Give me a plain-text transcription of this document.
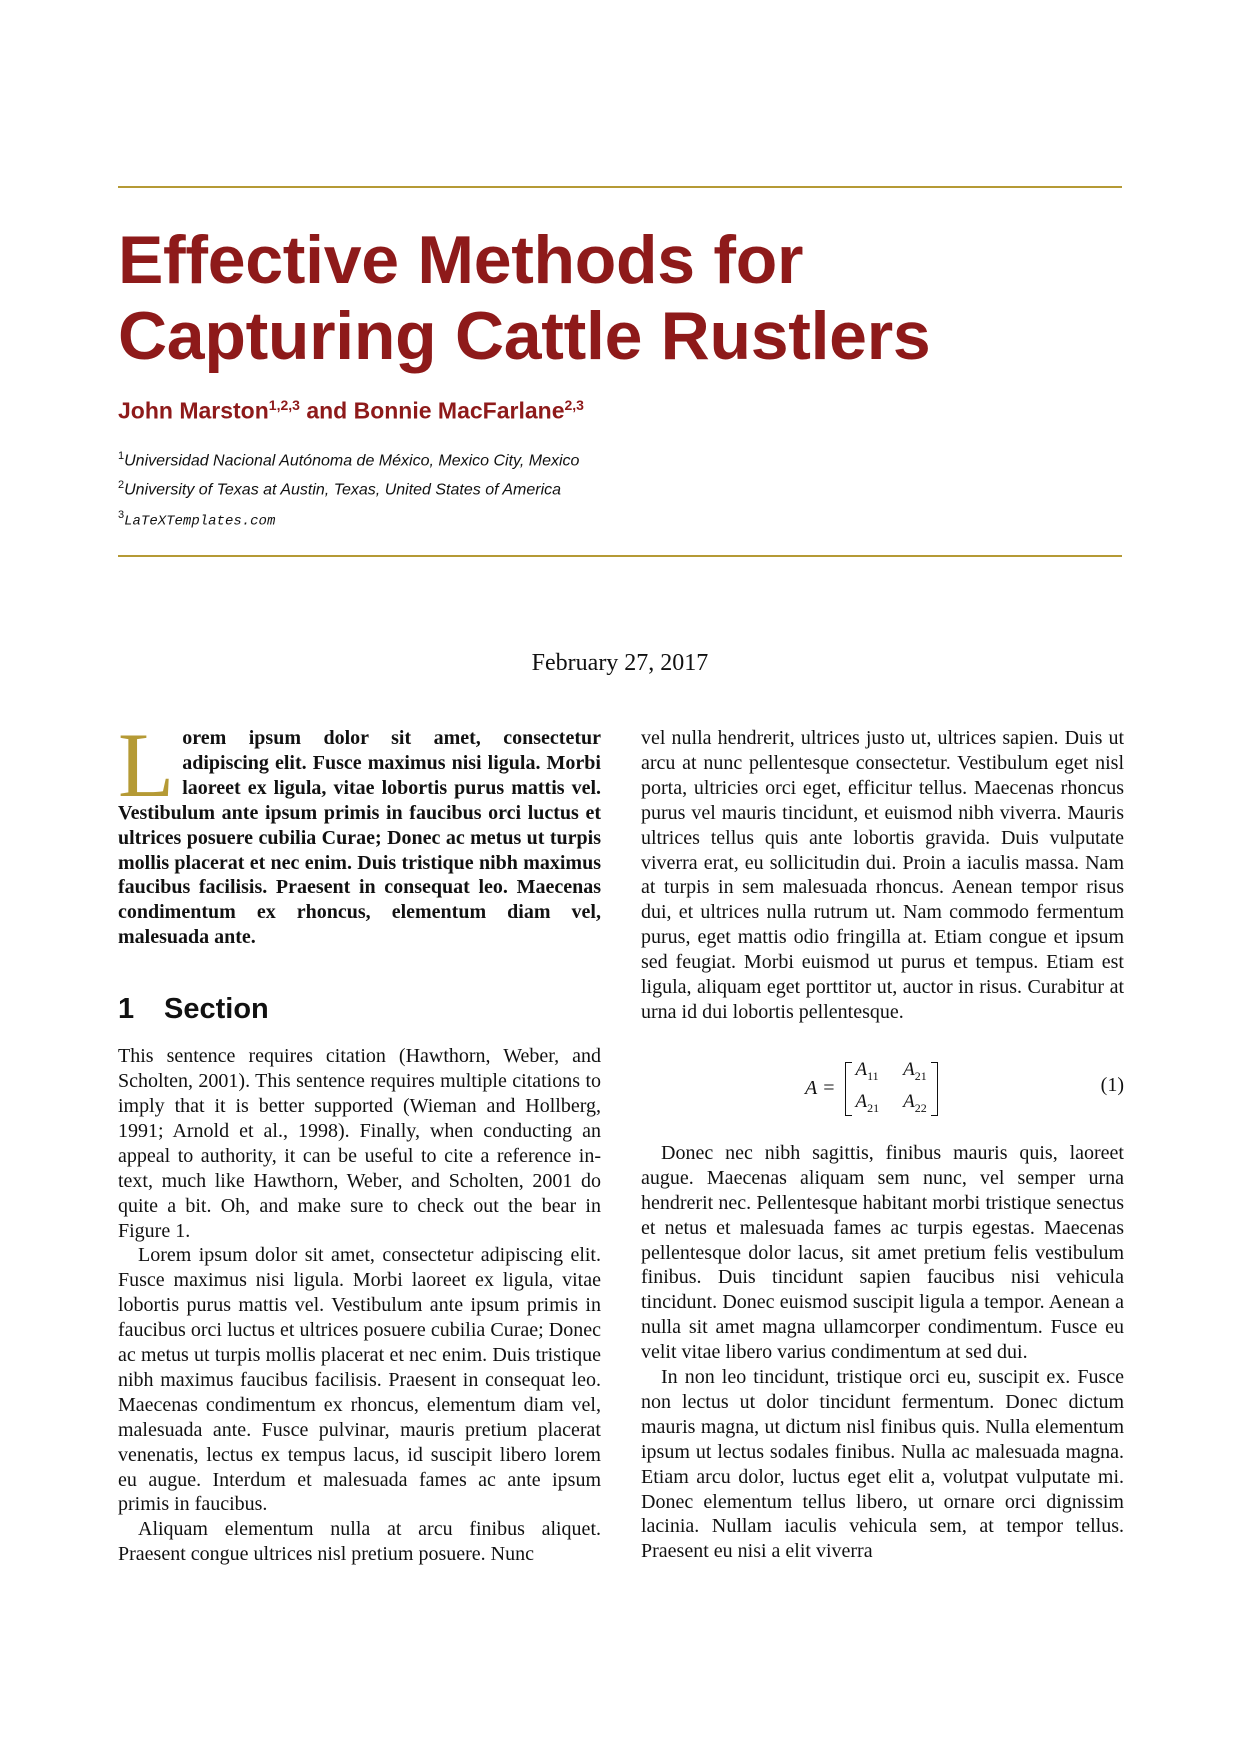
Effective Methods for Capturing Cattle Rustlers
John Marston$^{1,2,3}$ and Bonnie MacFarlane$^{2,3}$
$^1$Universidad Nacional Autónoma de México, Mexico City, Mexico
$^2$University of Texas at Austin, Texas, United States of America
$^3$LaTeXTemplates.com
February 27, 2017

Lorem ipsum dolor sit amet, consectetur adipiscing elit. Fusce maximus nisi ligula. Morbi laoreet ex ligula, vitae lobortis purus mattis vel. Vestibulum ante ipsum primis in faucibus orci luctus et ultrices posuere cubilia Curae; Donec ac metus ut turpis mollis placerat et nec enim. Duis tristique nibh maximus faucibus facilisis. Praesent in consequat leo. Maecenas condimentum ex rhoncus, elementum diam vel, malesuada ante.

1 Section

This sentence requires citation (Hawthorn, Weber, and Scholten, 2001). This sentence requires multiple citations to imply that it is better supported (Wieman and Hollberg, 1991; Arnold et al., 1998). Finally, when conducting an appeal to authority, it can be useful to cite a reference in-text, much like Hawthorn, Weber, and Scholten, 2001 do quite a bit. Oh, and make sure to check out the bear in Figure 1.

Lorem ipsum dolor sit amet, consectetur adipiscing elit. Fusce maximus nisi ligula. Morbi laoreet ex ligula, vitae lobortis purus mattis vel. Vestibulum ante ipsum primis in faucibus orci luctus et ultrices posuere cubilia Curae; Donec ac metus ut turpis mollis placerat et nec enim. Duis tristique nibh maximus faucibus facilisis. Praesent in consequat leo. Maecenas condimentum ex rhoncus, elementum diam vel, malesuada ante. Fusce pulvinar, mauris pretium placerat venenatis, lectus ex tempus lacus, id suscipit libero lorem eu augue. Interdum et malesuada fames ac ante ipsum primis in faucibus.

Aliquam elementum nulla at arcu finibus aliquet. Praesent congue ultrices nisl pretium posuere. Nunc

vel nulla hendrerit, ultrices justo ut, ultrices sapien. Duis ut arcu at nunc pellentesque consectetur. Vestibulum eget nisl porta, ultricies orci eget, efficitur tellus. Maecenas rhoncus purus vel mauris tincidunt, et euismod nibh viverra. Mauris ultrices tellus quis ante lobortis gravida. Duis vulputate viverra erat, eu sollicitudin dui. Proin a iaculis massa. Nam at turpis in sem malesuada rhoncus. Aenean tempor risus dui, et ultrices nulla rutrum ut. Nam commodo fermentum purus, eget mattis odio fringilla at. Etiam congue et ipsum sed feugiat. Morbi euismod ut purus et tempus. Etiam est ligula, aliquam eget porttitor ut, auctor in risus. Curabitur at urna id dui lobortis pellentesque.

A =
$A_{11}$ $A_{21}$
$A_{21}$ $A_{22}$
(1)

Donec nec nibh sagittis, finibus mauris quis, laoreet augue. Maecenas aliquam sem nunc, vel semper urna hendrerit nec. Pellentesque habitant morbi tristique senectus et netus et malesuada fames ac turpis egestas. Maecenas pellentesque dolor lacus, sit amet pretium felis vestibulum finibus. Duis tincidunt sapien faucibus nisi vehicula tincidunt. Donec euismod suscipit ligula a tempor. Aenean a nulla sit amet magna ullamcorper condimentum. Fusce eu velit vitae libero varius condimentum at sed dui.

In non leo tincidunt, tristique orci eu, suscipit ex. Fusce non lectus ut dolor tincidunt fermentum. Donec dictum mauris magna, ut dictum nisl finibus quis. Nulla elementum ipsum ut lectus sodales finibus. Nulla ac malesuada magna. Etiam arcu dolor, luctus eget elit a, volutpat vulputate mi. Donec elementum tellus libero, ut ornare orci dignissim lacinia. Nullam iaculis vehicula sem, at tempor tellus. Praesent eu nisi a elit viverra
